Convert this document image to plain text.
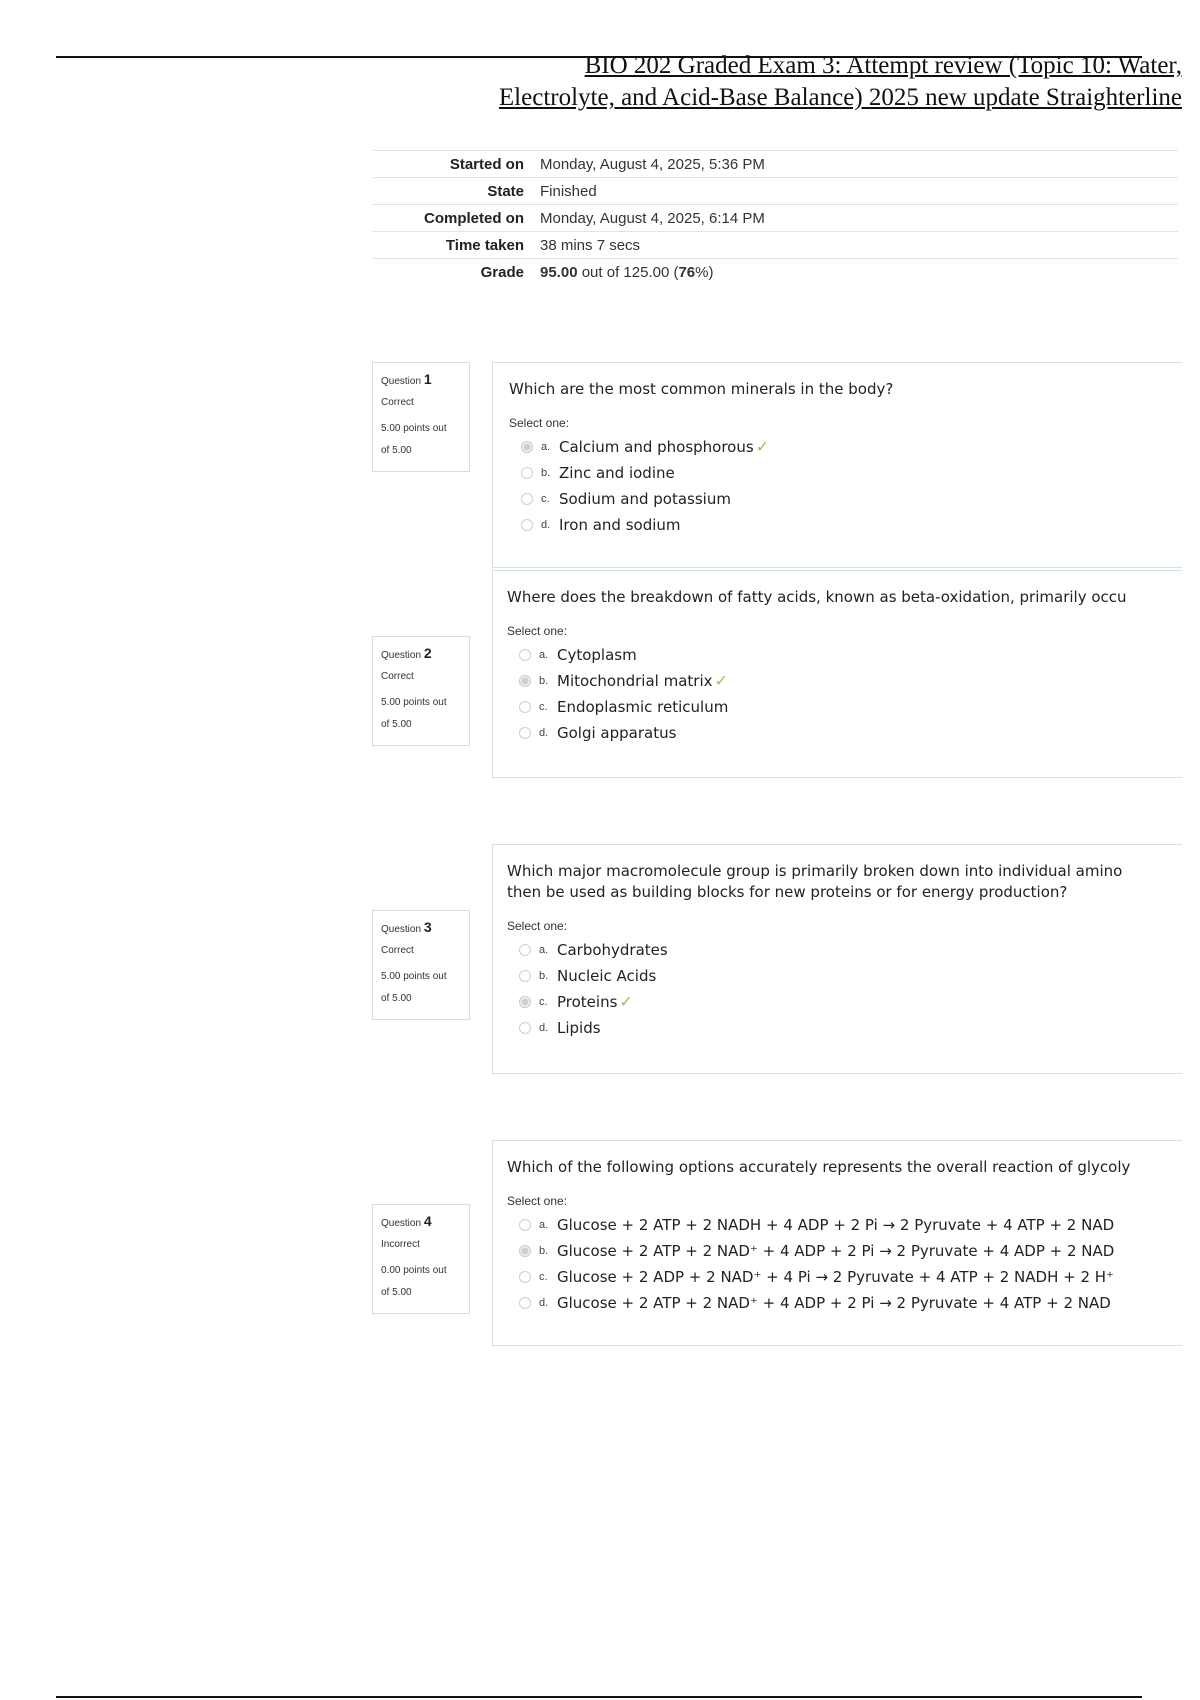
BIO 202 Graded Exam 3: Attempt review (Topic 10: Water,
Electrolyte, and Acid-Base Balance) 2025 new update Straighterline
Started on	Monday, August 4, 2025, 5:36 PM
State	Finished
Completed on	Monday, August 4, 2025, 6:14 PM
Time taken	38 mins 7 secs
Grade	95.00 out of 125.00 (76%)
Question 1
Correct
5.00 points out
of 5.00
Which are the most common minerals in the body?
Select one:
a. Calcium and phosphorous ✓
b. Zinc and iodine
c. Sodium and potassium
d. Iron and sodium
Question 2
Correct
5.00 points out
of 5.00
Where does the breakdown of fatty acids, known as beta-oxidation, primarily occu
Select one:
a. Cytoplasm
b. Mitochondrial matrix ✓
c. Endoplasmic reticulum
d. Golgi apparatus
Question 3
Correct
5.00 points out
of 5.00
Which major macromolecule group is primarily broken down into individual amino
then be used as building blocks for new proteins or for energy production?
Select one:
a. Carbohydrates
b. Nucleic Acids
c. Proteins ✓
d. Lipids
Question 4
Incorrect
0.00 points out
of 5.00
Which of the following options accurately represents the overall reaction of glycoly
Select one:
a. Glucose + 2 ATP + 2 NADH + 4 ADP + 2 Pi → 2 Pyruvate + 4 ATP + 2 NAD
b. Glucose + 2 ATP + 2 NAD⁺ + 4 ADP + 2 Pi → 2 Pyruvate + 4 ADP + 2 NAD
c. Glucose + 2 ADP + 2 NAD⁺ + 4 Pi → 2 Pyruvate + 4 ATP + 2 NADH + 2 H⁺
d. Glucose + 2 ATP + 2 NAD⁺ + 4 ADP + 2 Pi → 2 Pyruvate + 4 ATP + 2 NAD
